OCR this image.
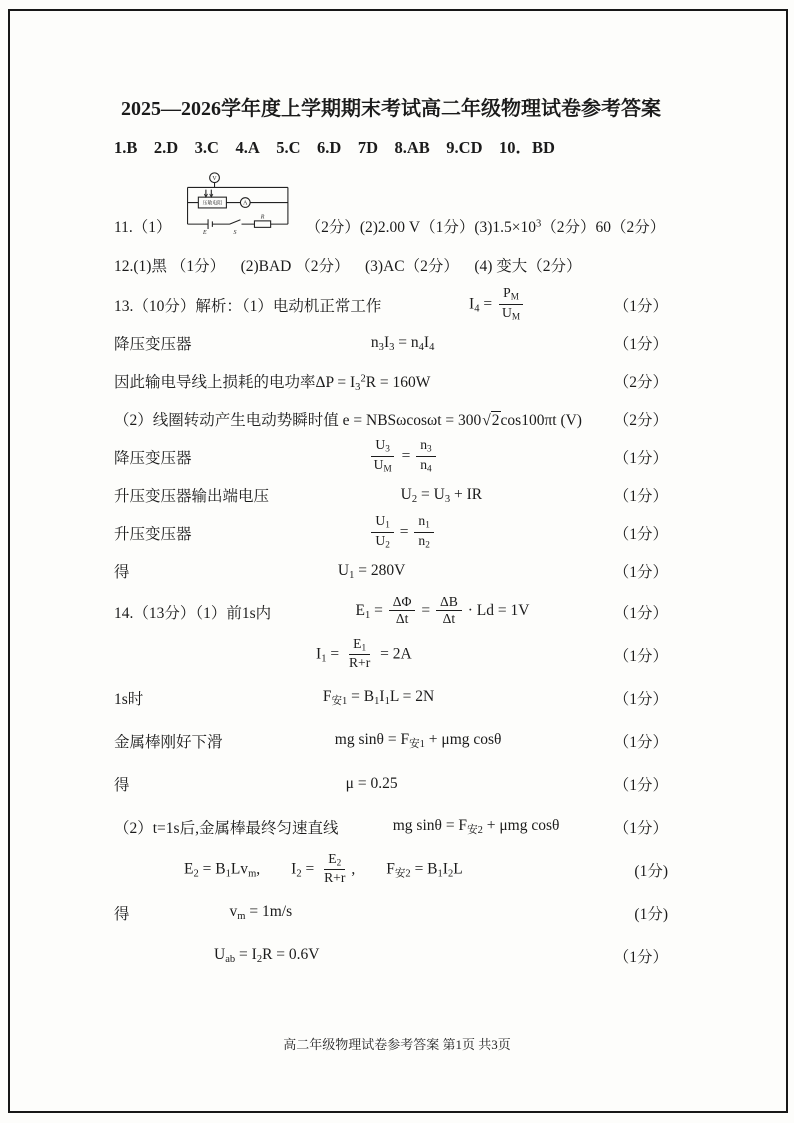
2025—2026学年度上学期期末考试高二年级物理试卷参考答案
1.B 2.D 3.C 4.A 5.C 6.D 7D 8.AB 9.CD 10．BD
11.（1）
V
A
压敏电阻
E S
R
（2分）(2)2.00 V（1分）$(3)1.5\times 10^3(2$分）60（2分）
12.(1)黑 （1分） (2)BAD （2分） (3)AC（2分） (4) 变大（2分）
13.（10分）解析：（1）电动机正常工作	$I_4 = \frac{P_M}{U_M}$	（1分）
降压变压器	$n_3I_3 = n_4I_4$	（1分）
因此输电导线上损耗的电功率$\Delta P = I_3^2R = 160W$	（2分）
（2）线圈转动产生电动势瞬时值 e = NBSωcosωt = 300√2cos100πt (V)	（2分）
降压变压器	$\frac{U_3}{U_M} = \frac{n_3}{n_4}$	（1分）
升压变压器输出端电压	$U_2 = U_3$ + IR	（1分）
升压变压器	$\frac{U_1}{U_2} = \frac{n_1}{n_2}$	（1分）
得	$U_1 = 280V$	（1分）
14.（13分）（1）前1s内	$E_1 = \frac{\Delta\Phi}{\Delta t} = \frac{\Delta B}{\Delta t} \cdot Ld = 1V$	（1分）
$I_1 = \frac{E_1}{R+r} = 2A$	（1分）
1s时	$F_{安1} = B_1I_1L = 2N$	（1分）
金属棒刚好下滑	mg $\sin\theta = F_{安1} + \mu mg$ cosθ	（1分）
得	μ = 0.25	（1分）
（2）t=1s后,金属棒最终匀速直线	mg $\sin\theta = F_{安2} + \mu mg$ cosθ	（1分）
$E_2 = B_1Lv_m$,  $I_2 = \frac{E_2}{R+r}$ ,  $F_{安2} = B_1I_2L$	(1分)
得	$v_m = 1m/s$	(1分)
$U_{ab} = I_2R = 0.6V$	（1分）
高二年级物理试卷参考答案 第1页 共3页
